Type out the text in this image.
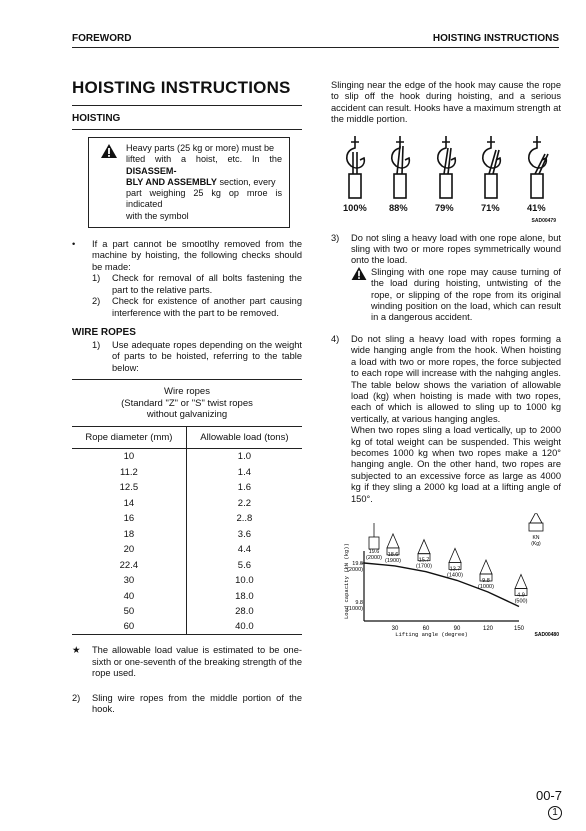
FOREWORD	HOISTING INSTRUCTIONS
HOISTING INSTRUCTIONS
HOISTING
Heavy parts (25 kg or more) must be
lifted with a hoist, etc. In the DISASSEM-
BLY AND ASSEMBLY section, every
part weighing 25 kg op mroe is indicated
with the symbol
• If a part cannot be smootlhy removed from the machine by hoisting, the following checks should be made:
1) Check for removal of all bolts fastening the part to the relative parts.
2) Check for existence of another part causing interference with the part to be removed.
WIRE ROPES
1) Use adequate ropes depending on the weight of parts to be hoisted, referring to the table below:
Wire ropes
(Standard "Z" or "S" twist ropes
without galvanizing
Rope diameter (mm)	Allowable load (tons)
10	1.0
11.2	1.4
12.5	1.6
14	2.2
16	2..8
18	3.6
20	4.4
22.4	5.6
30	10.0
40	18.0
50	28.0
60	40.0
★ The allowable load value is estimated to be one-sixth or one-seventh of the breaking strength of the rope used.
2) Sling wire ropes from the middle portion of the hook.
Slinging near the edge of the hook may cause the rope to slip off the hook during hoisting, and a serious accident can result. Hooks have a maximum strength at the middle portion.
100% 88%	79%	71%	41%
SAD00479
3) Do not sling a heavy load with one rope alone, but sling with two or more ropes symmetrically wound onto the load.
Slinging with one rope may cause turning of the load during hoisting, untwisting of the rope, or slipping of the rope from its original winding position on the load, which can result in a dangerous accident.
4) Do not sling a heavy load with ropes forming a wide hanging angle from the hook. When hoisting a load with two or more ropes, the force subjected to each rope will increase with the nahging angles. The table below shows the variation of allowable load (kg) when hoisting is made with two ropes, each of which is allowed to sling up to 1000 kg vertically, at various hanging angles.
When two ropes sling a load vertically, up to 2000 kg of total weight can be suspended. This weight becomes 1000 kg when two ropes make a 120° hanging angle. On the other hand, two ropes are subjected to an excessive force as large as 4000 kg if they sling a 2000 kg load at a lifting angle of 150°.
Load capacity (kN (kg)) 19.6
(2000)
9.8
(1000)
30	60	90	120	150
Lifting angle (degree)
18.6
(1900)	15.7
(1700)	13.7
(1400)
9.8
(1000)
4.9
(500)
19.6
(2000)
KN
(Kg)
SAD00480
00-7
1
